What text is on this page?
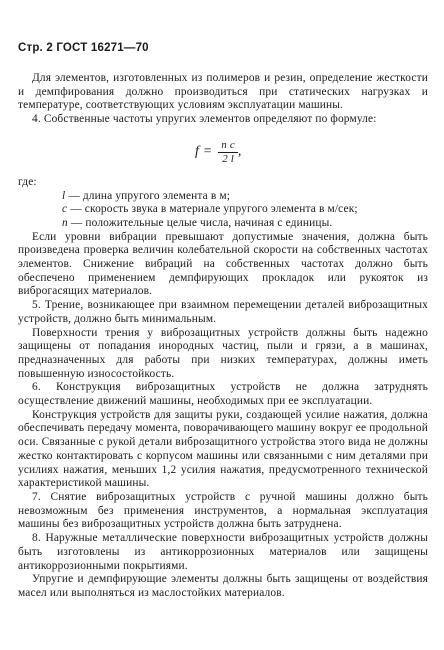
Стр. 2 ГОСТ 16271—70

Для элементов, изготовленных из полимеров и резин, определение жесткости и демпфирования должно производиться при статических нагрузках и температуре, соответствующих условиям эксплуатации машины.

4. Собственные частоты упругих элементов определяют по формуле:

$f = \frac{\text{n c}}{2 l}$ ,

где:

l — длина упругого элемента в м;

c — скорость звука в материале упругого элемента в м/сек;

n — положительные целые числа, начиная с единицы.

Если уровни вибрации превышают допустимые значения, должна быть произведена проверка величин колебательной скорости на собственных частотах элементов. Снижение вибраций на собственных частотах должно быть обеспечено применением демпфирующих прокладок или рукояток из виброгасящих материалов.

5. Трение, возникающее при взаимном перемещении деталей виброзащитных устройств, должно быть минимальным.

Поверхности трения у виброзащитных устройств должны быть надежно защищены от попадания инородных частиц, пыли и грязи, а в машинах, предназначенных для работы при низких температурах, должны иметь повышенную износостойкость.

6. Конструкция виброзащитных устройств не должна затруднять осуществление движений машины, необходимых при ее эксплуатации.

Конструкция устройств для защиты руки, создающей усилие нажатия, должна обеспечивать передачу момента, поворачивающего машину вокруг ее продольной оси. Связанные с рукой детали виброзащитного устройства этого вида не должны жестко контактировать с корпусом машины или связанными с ним деталями при усилиях нажатия, меньших 1,2 усилия нажатия, предусмотренного технической характеристикой машины.

7. Снятие виброзащитных устройств с ручной машины должно быть невозможным без применения инструментов, а нормальная эксплуатация машины без виброзащитных устройств должна быть затруднена.

8. Наружные металлические поверхности виброзащитных устройств должны быть изготовлены из антикоррозионных материалов или защищены антикоррозионными покрытиями.

Упругие и демпфирующие элементы должны быть защищены от воздействия масел или выполняться из маслостойких материалов.
